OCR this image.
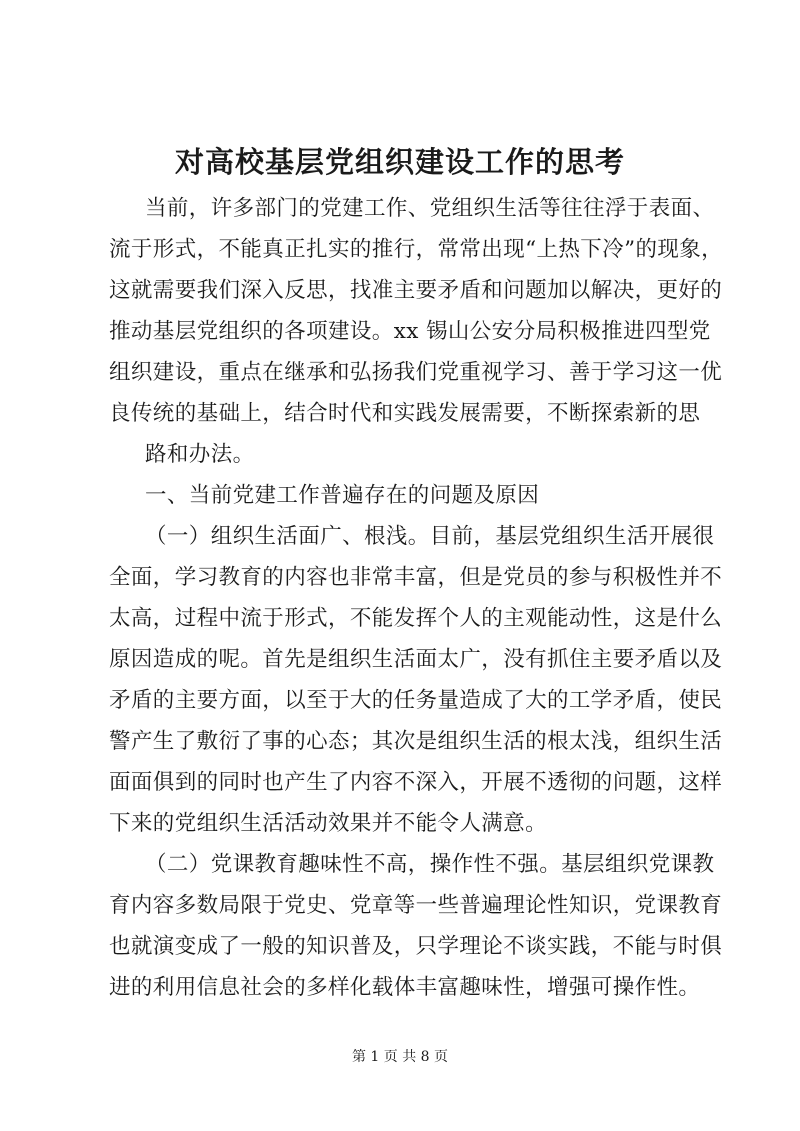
对高校基层党组织建设工作的思考

当前，许多部门的党建工作、党组织生活等往往浮于表面、

流于形式，不能真正扎实的推行，常常出现“上热下冷”的现象，

这就需要我们深入反思，找准主要矛盾和问题加以解决，更好的

推动基层党组织的各项建设。xx 锡山公安分局积极推进四型党

组织建设，重点在继承和弘扬我们党重视学习、善于学习这一优

良传统的基础上，结合时代和实践发展需要，不断探索新的思

路和办法。

一、当前党建工作普遍存在的问题及原因

（一）组织生活面广、根浅。目前，基层党组织生活开展很

全面，学习教育的内容也非常丰富，但是党员的参与积极性并不

太高，过程中流于形式，不能发挥个人的主观能动性，这是什么

原因造成的呢。首先是组织生活面太广，没有抓住主要矛盾以及

矛盾的主要方面，以至于大的任务量造成了大的工学矛盾，使民

警产生了敷衍了事的心态；其次是组织生活的根太浅，组织生活

面面俱到的同时也产生了内容不深入，开展不透彻的问题，这样

下来的党组织生活活动效果并不能令人满意。

（二）党课教育趣味性不高，操作性不强。基层组织党课教

育内容多数局限于党史、党章等一些普遍理论性知识，党课教育

也就演变成了一般的知识普及，只学理论不谈实践，不能与时俱

进的利用信息社会的多样化载体丰富趣味性，增强可操作性。

第 1 页 共 8 页
